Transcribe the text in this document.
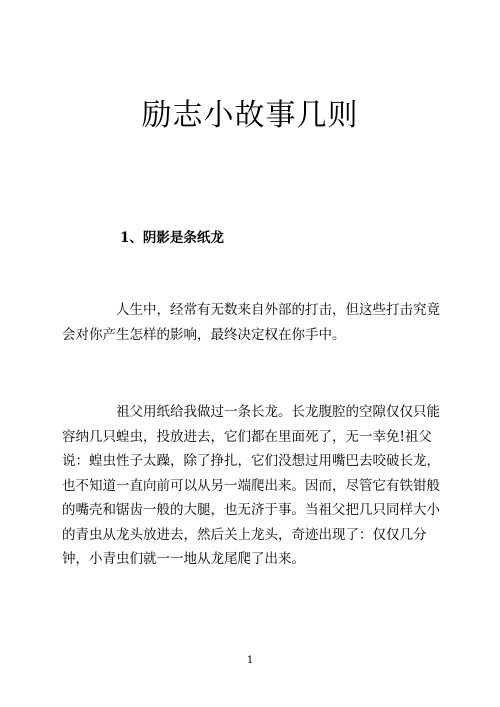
励志小故事几则
1、阴影是条纸龙

人生中，经常有无数来自外部的打击，但这些打击究竟会对你产生怎样的影响，最终决定权在你手中。

祖父用纸给我做过一条长龙。长龙腹腔的空隙仅仅只能容纳几只蝗虫，投放进去，它们都在里面死了，无一幸免!祖父说：蝗虫性子太躁，除了挣扎，它们没想过用嘴巴去咬破长龙，也不知道一直向前可以从另一端爬出来。因而，尽管它有铁钳般的嘴壳和锯齿一般的大腿，也无济于事。当祖父把几只同样大小的青虫从龙头放进去，然后关上龙头，奇迹出现了：仅仅几分钟，小青虫们就一一地从龙尾爬了出来。

1
